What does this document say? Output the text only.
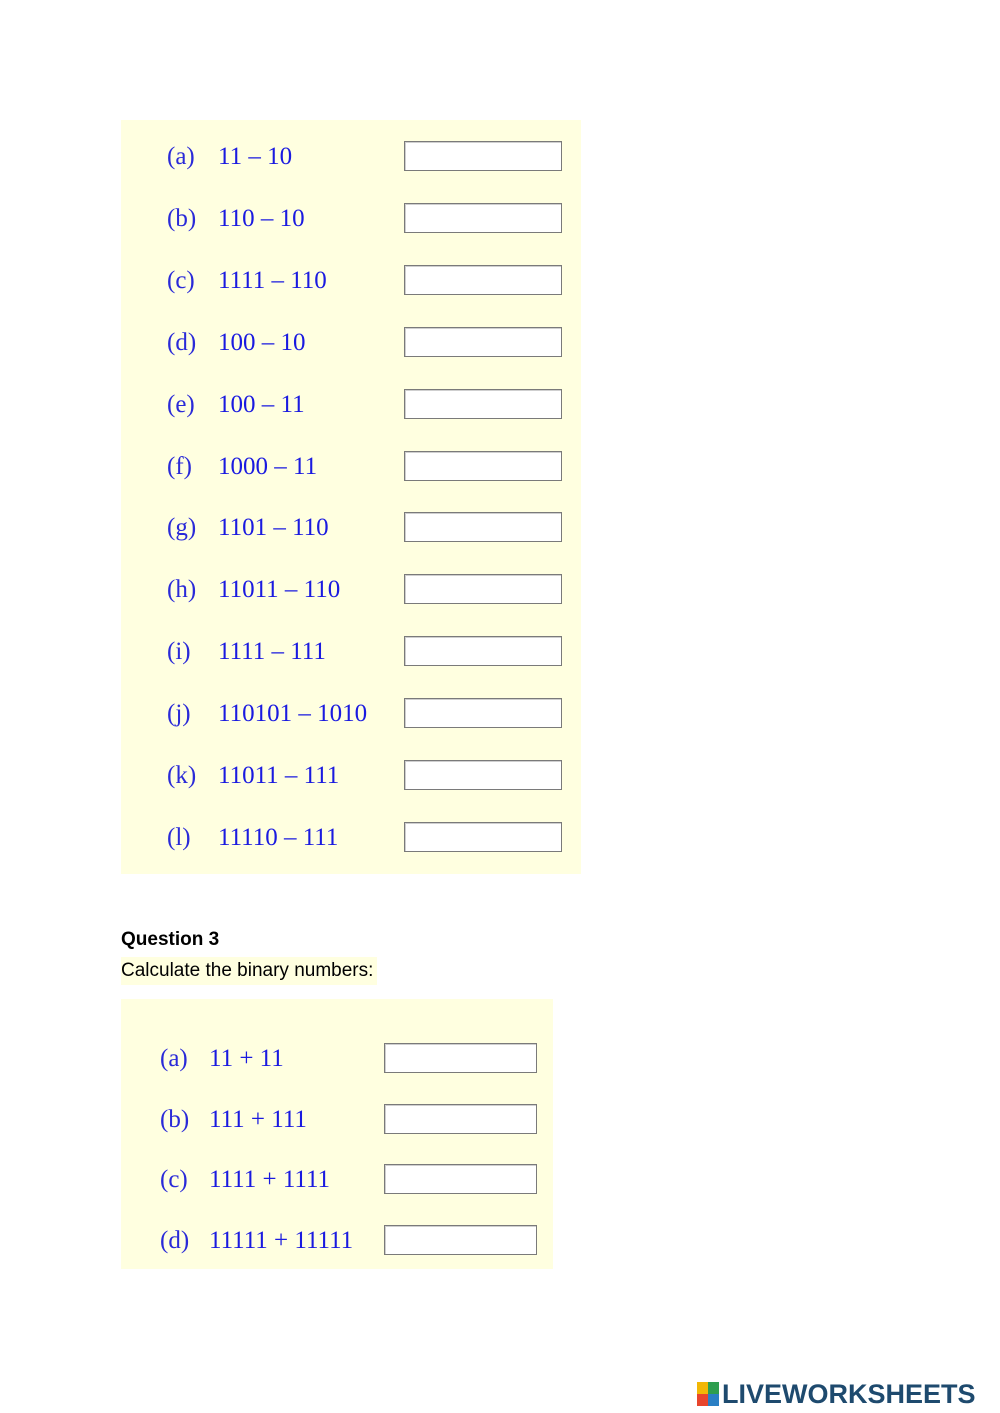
(a) 11 – 10
(b) 110 – 10
(c) 1111 – 110
(d) 100 – 10
(e) 100 – 11
(f) 1000 – 11
(g) 1101 – 110
(h) 11011 – 110
(i) 1111 – 111
(j) 110101 – 1010
(k) 11011 – 111
(l) 11110 – 111
Question 3
Calculate the binary numbers:
(a) 11 + 11
(b) 111 + 111
(c) 1111 + 1111
(d) 11111 + 11111
LIVEWORKSHEETS
